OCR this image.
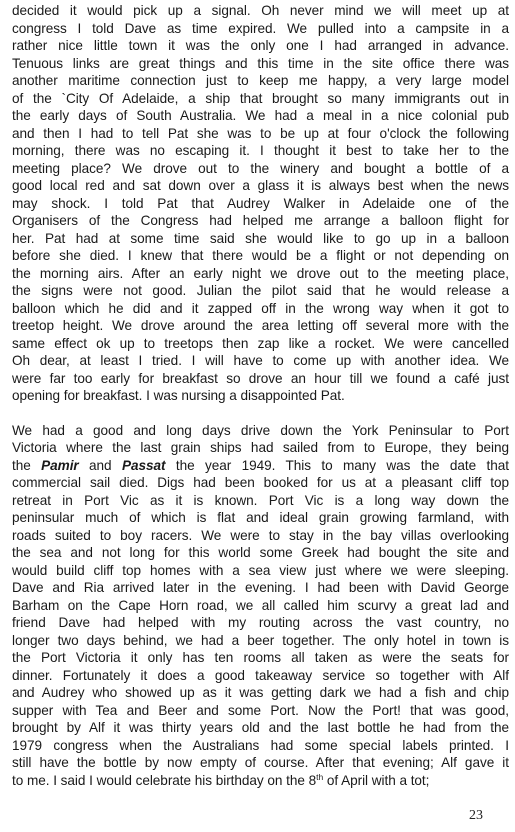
decided it would pick up a signal. Oh never mind we will meet up at
congress I told Dave as time expired. We pulled into a campsite in a
rather nice little town it was the only one I had arranged in advance.
Tenuous links are great things and this time in the site office there was
another maritime connection just to keep me happy, a very large model
of the `City Of Adelaide, a ship that brought so many immigrants out in
the early days of South Australia. We had a meal in a nice colonial pub
and then I had to tell Pat she was to be up at four o'clock the following
morning, there was no escaping it. I thought it best to take her to the
meeting place? We drove out to the winery and bought a bottle of a
good local red and sat down over a glass it is always best when the news
may shock. I told Pat that Audrey Walker in Adelaide one of the
Organisers of the Congress had helped me arrange a balloon flight for
her. Pat had at some time said she would like to go up in a balloon
before she died. I knew that there would be a flight or not depending on
the morning airs. After an early night we drove out to the meeting place,
the signs were not good. Julian the pilot said that he would release a
balloon which he did and it zapped off in the wrong way when it got to
treetop height. We drove around the area letting off several more with the
same effect ok up to treetops then zap like a rocket. We were cancelled
Oh dear, at least I tried. I will have to come up with another idea. We
were far too early for breakfast so drove an hour till we found a café just
opening for breakfast. I was nursing a disappointed Pat.

We had a good and long days drive down the York Peninsular to Port
Victoria where the last grain ships had sailed from to Europe, they being
the Pamir and Passat the year 1949. This to many was the date that
commercial sail died. Digs had been booked for us at a pleasant cliff top
retreat in Port Vic as it is known. Port Vic is a long way down the
peninsular much of which is flat and ideal grain growing farmland, with
roads suited to boy racers. We were to stay in the bay villas overlooking
the sea and not long for this world some Greek had bought the site and
would build cliff top homes with a sea view just where we were sleeping.
Dave and Ria arrived later in the evening. I had been with David George
Barham on the Cape Horn road, we all called him scurvy a great lad and
friend Dave had helped with my routing across the vast country, no
longer two days behind, we had a beer together. The only hotel in town is
the Port Victoria it only has ten rooms all taken as were the seats for
dinner. Fortunately it does a good takeaway service so together with Alf
and Audrey who showed up as it was getting dark we had a fish and chip
supper with Tea and Beer and some Port. Now the Port! that was good,
brought by Alf it was thirty years old and the last bottle he had from the
1979 congress when the Australians had some special labels printed. I
still have the bottle by now empty of course. After that evening; Alf gave it
to me. I said I would celebrate his birthday on the 8th of April with a tot;

23
